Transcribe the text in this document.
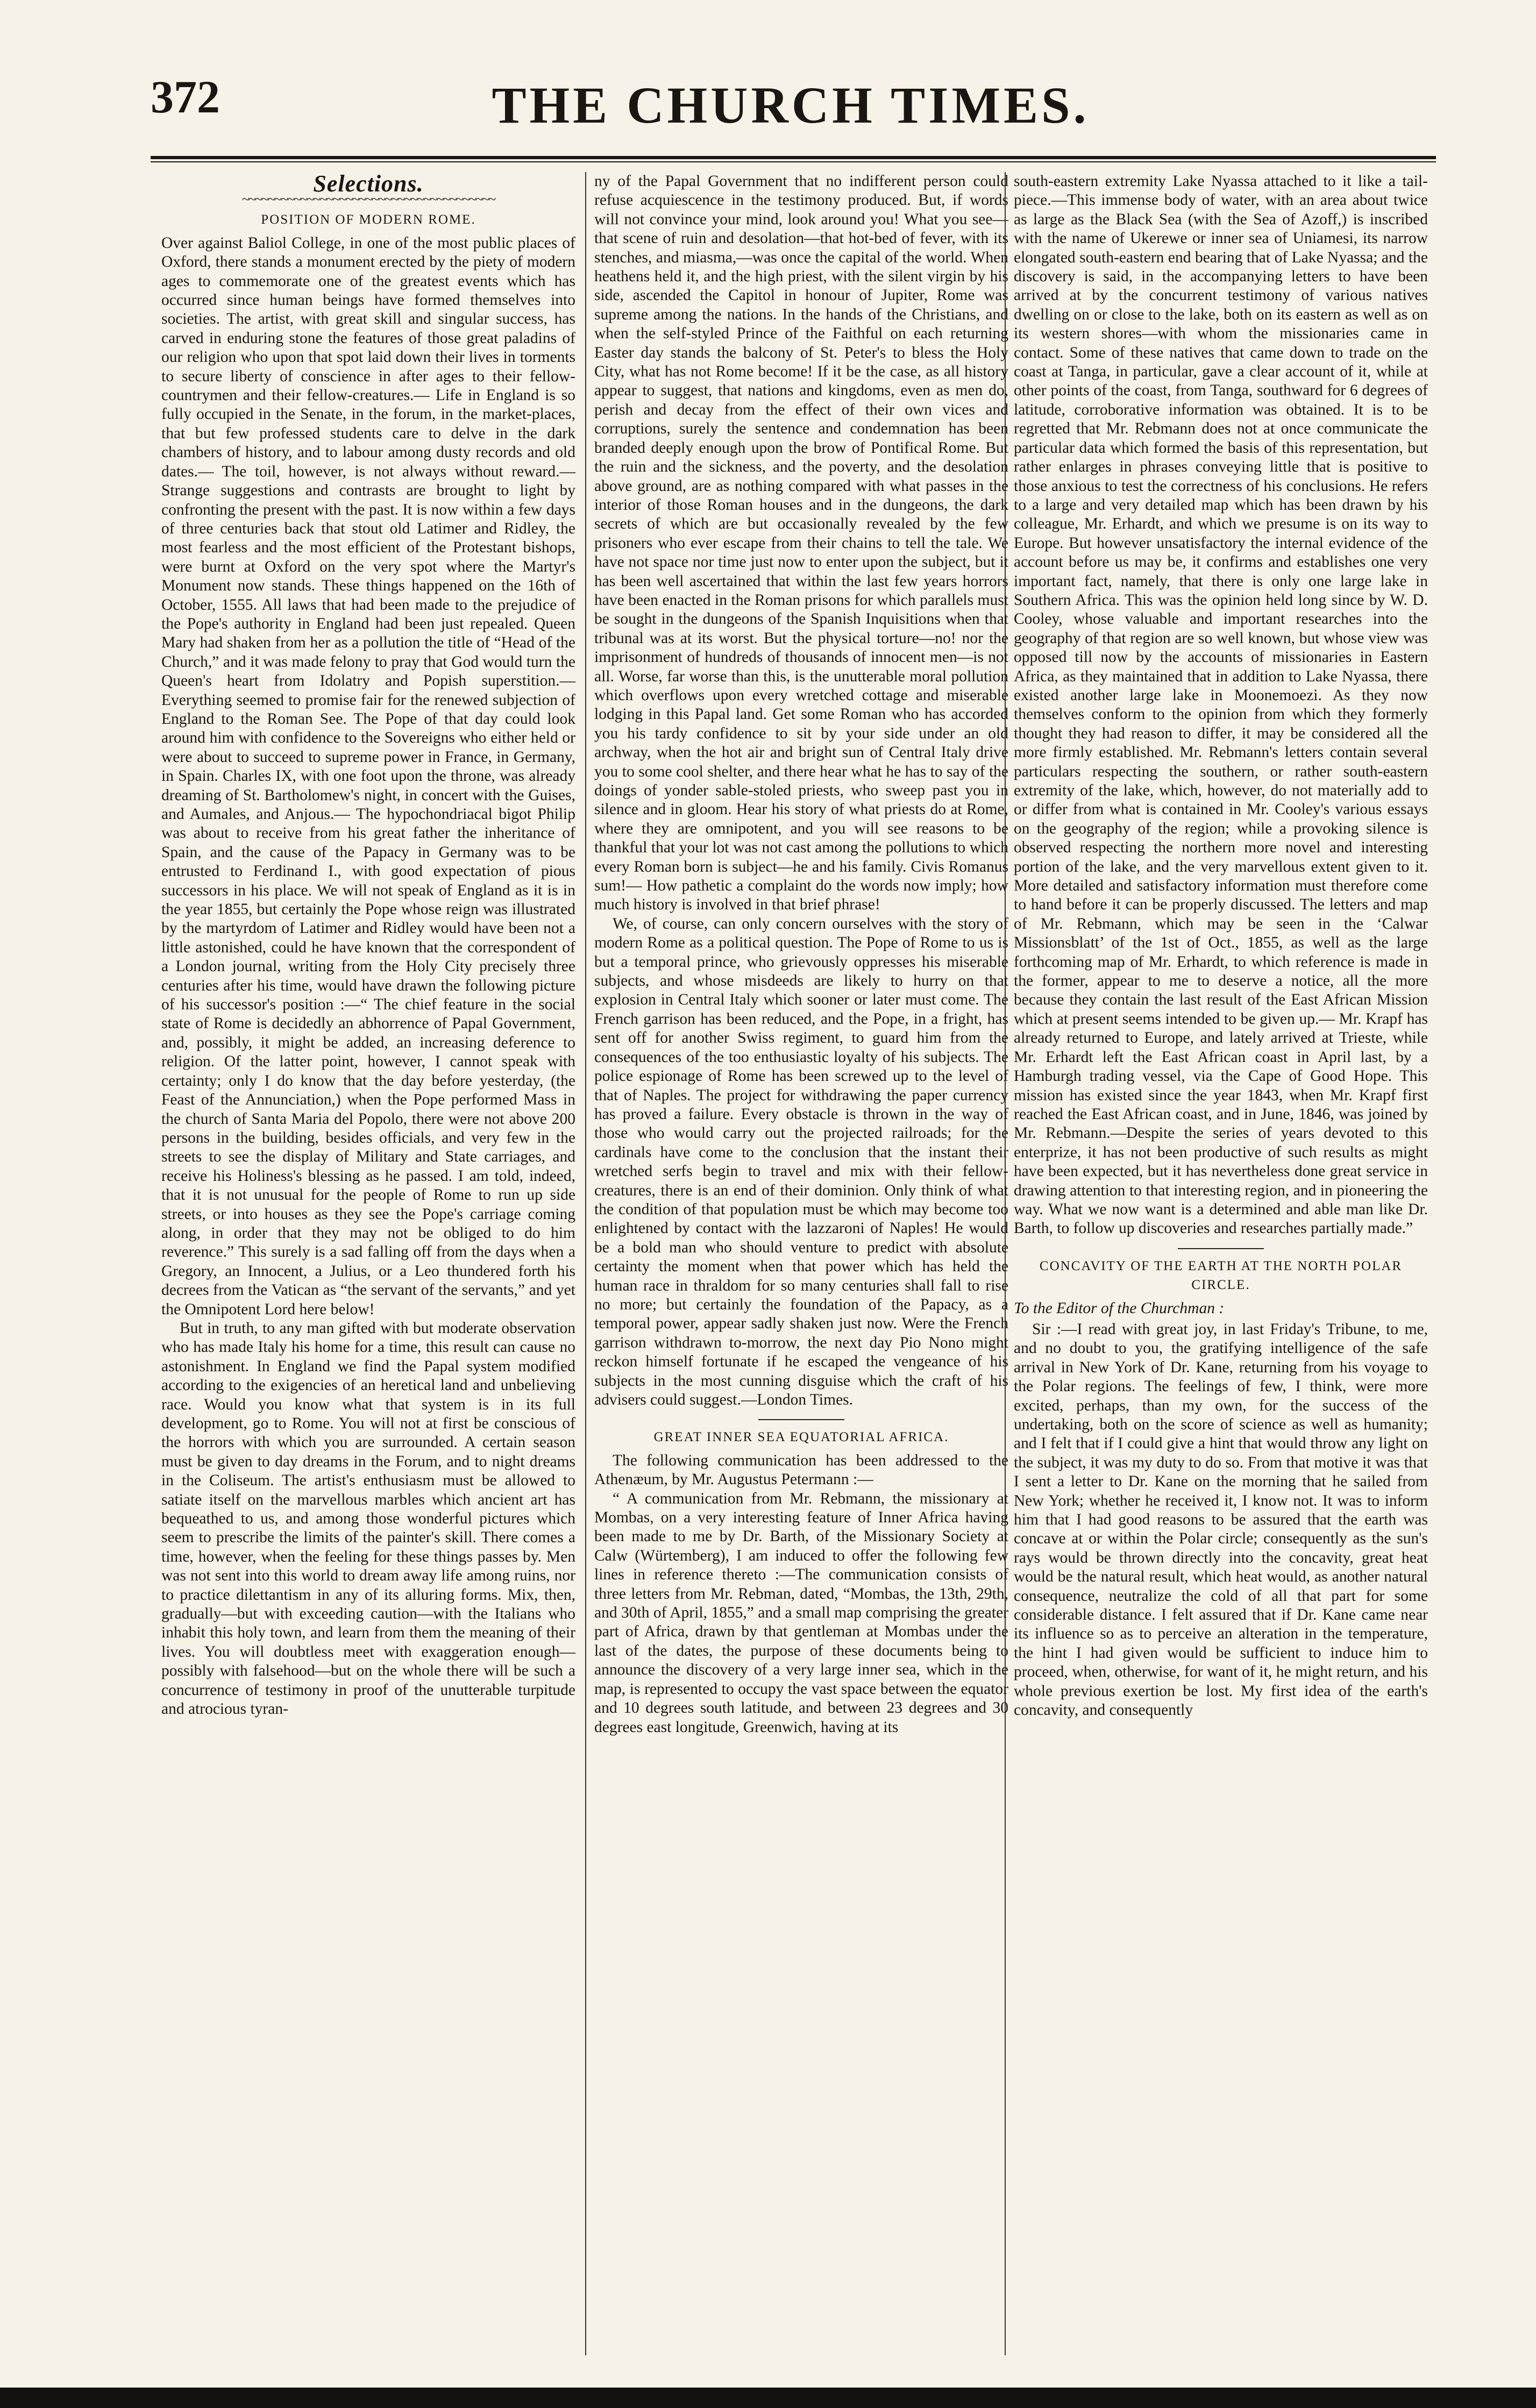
372	THE CHURCH TIMES.
Selections.
~~~~~~~~~~~~~~~~~~~~~~~~~~~~~~~~~~~~~~~
POSITION OF MODERN ROME.

Over against Baliol College, in one of the most public places of Oxford, there stands a monument erected by the piety of modern ages to commemorate one of the greatest events which has occurred since human beings have formed themselves into societies. The artist, with great skill and singular success, has carved in enduring stone the features of those great paladins of our religion who upon that spot laid down their lives in torments to secure liberty of conscience in after ages to their fellow-countrymen and their fellow-creatures.— Life in England is so fully occupied in the Senate, in the forum, in the market-places, that but few professed students care to delve in the dark chambers of history, and to labour among dusty records and old dates.— The toil, however, is not always without reward.— Strange suggestions and contrasts are brought to light by confronting the present with the past. It is now within a few days of three centuries back that stout old Latimer and Ridley, the most fearless and the most efficient of the Protestant bishops, were burnt at Oxford on the very spot where the Martyr's Monument now stands. These things happened on the 16th of October, 1555. All laws that had been made to the prejudice of the Pope's authority in England had been just repealed. Queen Mary had shaken from her as a pollution the title of “Head of the Church,” and it was made felony to pray that God would turn the Queen's heart from Idolatry and Popish superstition.— Everything seemed to promise fair for the renewed subjection of England to the Roman See. The Pope of that day could look around him with confidence to the Sovereigns who either held or were about to succeed to supreme power in France, in Germany, in Spain. Charles IX, with one foot upon the throne, was already dreaming of St. Bartholomew's night, in concert with the Guises, and Aumales, and Anjous.— The hypochondriacal bigot Philip was about to receive from his great father the inheritance of Spain, and the cause of the Papacy in Germany was to be entrusted to Ferdinand I., with good expectation of pious successors in his place. We will not speak of England as it is in the year 1855, but certainly the Pope whose reign was illustrated by the martyrdom of Latimer and Ridley would have been not a little astonished, could he have known that the correspondent of a London journal, writing from the Holy City precisely three centuries after his time, would have drawn the following picture of his successor's position :—“ The chief feature in the social state of Rome is decidedly an abhorrence of Papal Government, and, possibly, it might be added, an increasing deference to religion. Of the latter point, however, I cannot speak with certainty; only I do know that the day before yesterday, (the Feast of the Annunciation,) when the Pope performed Mass in the church of Santa Maria del Popolo, there were not above 200 persons in the building, besides officials, and very few in the streets to see the display of Military and State carriages, and receive his Holiness's blessing as he passed. I am told, indeed, that it is not unusual for the people of Rome to run up side streets, or into houses as they see the Pope's carriage coming along, in order that they may not be obliged to do him reverence.” This surely is a sad falling off from the days when a Gregory, an Innocent, a Julius, or a Leo thundered forth his decrees from the Vatican as “the servant of the servants,” and yet the Omnipotent Lord here below!

But in truth, to any man gifted with but moderate observation who has made Italy his home for a time, this result can cause no astonishment. In England we find the Papal system modified according to the exigencies of an heretical land and unbelieving race. Would you know what that system is in its full development, go to Rome. You will not at first be conscious of the horrors with which you are surrounded. A certain season must be given to day dreams in the Forum, and to night dreams in the Coliseum. The artist's enthusiasm must be allowed to satiate itself on the marvellous marbles which ancient art has bequeathed to us, and among those wonderful pictures which seem to prescribe the limits of the painter's skill. There comes a time, however, when the feeling for these things passes by. Men was not sent into this world to dream away life among ruins, nor to practice dilettantism in any of its alluring forms. Mix, then, gradually—but with exceeding caution—with the Italians who inhabit this holy town, and learn from them the meaning of their lives. You will doubtless meet with exaggeration enough—possibly with falsehood—but on the whole there will be such a concurrence of testimony in proof of the unutterable turpitude and atrocious tyran-

ny of the Papal Government that no indifferent person could refuse acquiescence in the testimony produced. But, if words will not convince your mind, look around you! What you see—that scene of ruin and desolation—that hot-bed of fever, with its stenches, and miasma,—was once the capital of the world. When heathens held it, and the high priest, with the silent virgin by his side, ascended the Capitol in honour of Jupiter, Rome was supreme among the nations. In the hands of the Christians, and when the self-styled Prince of the Faithful on each returning Easter day stands the balcony of St. Peter's to bless the Holy City, what has not Rome become! If it be the case, as all history appear to suggest, that nations and kingdoms, even as men do, perish and decay from the effect of their own vices and corruptions, surely the sentence and condemnation has been branded deeply enough upon the brow of Pontifical Rome. But the ruin and the sickness, and the poverty, and the desolation above ground, are as nothing compared with what passes in the interior of those Roman houses and in the dungeons, the dark secrets of which are but occasionally revealed by the few prisoners who ever escape from their chains to tell the tale. We have not space nor time just now to enter upon the subject, but it has been well ascertained that within the last few years horrors have been enacted in the Roman prisons for which parallels must be sought in the dungeons of the Spanish Inquisitions when that tribunal was at its worst. But the physical torture—no! nor the imprisonment of hundreds of thousands of innocent men—is not all. Worse, far worse than this, is the unutterable moral pollution which overflows upon every wretched cottage and miserable lodging in this Papal land. Get some Roman who has accorded you his tardy confidence to sit by your side under an old archway, when the hot air and bright sun of Central Italy drive you to some cool shelter, and there hear what he has to say of the doings of yonder sable-stoled priests, who sweep past you in silence and in gloom. Hear his story of what priests do at Rome, where they are omnipotent, and you will see reasons to be thankful that your lot was not cast among the pollutions to which every Roman born is subject—he and his family. Civis Romanus sum!— How pathetic a complaint do the words now imply; how much history is involved in that brief phrase!

We, of course, can only concern ourselves with the story of modern Rome as a political question. The Pope of Rome to us is but a temporal prince, who grievously oppresses his miserable subjects, and whose misdeeds are likely to hurry on that explosion in Central Italy which sooner or later must come. The French garrison has been reduced, and the Pope, in a fright, has sent off for another Swiss regiment, to guard him from the consequences of the too enthusiastic loyalty of his subjects. The police espionage of Rome has been screwed up to the level of that of Naples. The project for withdrawing the paper currency has proved a failure. Every obstacle is thrown in the way of those who would carry out the projected railroads; for the cardinals have come to the conclusion that the instant their wretched serfs begin to travel and mix with their fellow-creatures, there is an end of their dominion. Only think of what the condition of that population must be which may become too enlightened by contact with the lazzaroni of Naples! He would be a bold man who should venture to predict with absolute certainty the moment when that power which has held the human race in thraldom for so many centuries shall fall to rise no more; but certainly the foundation of the Papacy, as a temporal power, appear sadly shaken just now. Were the French garrison withdrawn to-morrow, the next day Pio Nono might reckon himself fortunate if he escaped the vengeance of his subjects in the most cunning disguise which the craft of his advisers could suggest.—London Times.

GREAT INNER SEA EQUATORIAL AFRICA.

The following communication has been addressed to the Athenæum, by Mr. Augustus Petermann :—

“ A communication from Mr. Rebmann, the missionary at Mombas, on a very interesting feature of Inner Africa having been made to me by Dr. Barth, of the Missionary Society at Calw (Würtemberg), I am induced to offer the following few lines in reference thereto :—The communication consists of three letters from Mr. Rebman, dated, “Mombas, the 13th, 29th, and 30th of April, 1855,” and a small map comprising the greater part of Africa, drawn by that gentleman at Mombas under the last of the dates, the purpose of these documents being to announce the discovery of a very large inner sea, which in the map, is represented to occupy the vast space between the equator and 10 degrees south latitude, and between 23 degrees and 30 degrees east longitude, Greenwich, having at its

south-eastern extremity Lake Nyassa attached to it like a tail-piece.—This immense body of water, with an area about twice as large as the Black Sea (with the Sea of Azoff,) is inscribed with the name of Ukerewe or inner sea of Uniamesi, its narrow elongated south-eastern end bearing that of Lake Nyassa; and the discovery is said, in the accompanying letters to have been arrived at by the concurrent testimony of various natives dwelling on or close to the lake, both on its eastern as well as on its western shores—with whom the missionaries came in contact. Some of these natives that came down to trade on the coast at Tanga, in particular, gave a clear account of it, while at other points of the coast, from Tanga, southward for 6 degrees of latitude, corroborative information was obtained. It is to be regretted that Mr. Rebmann does not at once communicate the particular data which formed the basis of this representation, but rather enlarges in phrases conveying little that is positive to those anxious to test the correctness of his conclusions. He refers to a large and very detailed map which has been drawn by his colleague, Mr. Erhardt, and which we presume is on its way to Europe. But however unsatisfactory the internal evidence of the account before us may be, it confirms and establishes one very important fact, namely, that there is only one large lake in Southern Africa. This was the opinion held long since by W. D. Cooley, whose valuable and important researches into the geography of that region are so well known, but whose view was opposed till now by the accounts of missionaries in Eastern Africa, as they maintained that in addition to Lake Nyassa, there existed another large lake in Moonemoezi. As they now themselves conform to the opinion from which they formerly thought they had reason to differ, it may be considered all the more firmly established. Mr. Rebmann's letters contain several particulars respecting the southern, or rather south-eastern extremity of the lake, which, however, do not materially add to or differ from what is contained in Mr. Cooley's various essays on the geography of the region; while a provoking silence is observed respecting the northern more novel and interesting portion of the lake, and the very marvellous extent given to it. More detailed and satisfactory information must therefore come to hand before it can be properly discussed. The letters and map of Mr. Rebmann, which may be seen in the ‘Calwar Missionsblatt’ of the 1st of Oct., 1855, as well as the large forthcoming map of Mr. Erhardt, to which reference is made in the former, appear to me to deserve a notice, all the more because they contain the last result of the East African Mission which at present seems intended to be given up.— Mr. Krapf has already returned to Europe, and lately arrived at Trieste, while Mr. Erhardt left the East African coast in April last, by a Hamburgh trading vessel, via the Cape of Good Hope. This mission has existed since the year 1843, when Mr. Krapf first reached the East African coast, and in June, 1846, was joined by Mr. Rebmann.—Despite the series of years devoted to this enterprize, it has not been productive of such results as might have been expected, but it has nevertheless done great service in drawing attention to that interesting region, and in pioneering the way. What we now want is a determined and able man like Dr. Barth, to follow up discoveries and researches partially made.”

CONCAVITY OF THE EARTH AT THE NORTH POLAR CIRCLE.
To the Editor of the Churchman :

Sir :—I read with great joy, in last Friday's Tribune, to me, and no doubt to you, the gratifying intelligence of the safe arrival in New York of Dr. Kane, returning from his voyage to the Polar regions. The feelings of few, I think, were more excited, perhaps, than my own, for the success of the undertaking, both on the score of science as well as humanity; and I felt that if I could give a hint that would throw any light on the subject, it was my duty to do so. From that motive it was that I sent a letter to Dr. Kane on the morning that he sailed from New York; whether he received it, I know not. It was to inform him that I had good reasons to be assured that the earth was concave at or within the Polar circle; consequently as the sun's rays would be thrown directly into the concavity, great heat would be the natural result, which heat would, as another natural consequence, neutralize the cold of all that part for some considerable distance. I felt assured that if Dr. Kane came near its influence so as to perceive an alteration in the temperature, the hint I had given would be sufficient to induce him to proceed, when, otherwise, for want of it, he might return, and his whole previous exertion be lost. My first idea of the earth's concavity, and consequently
